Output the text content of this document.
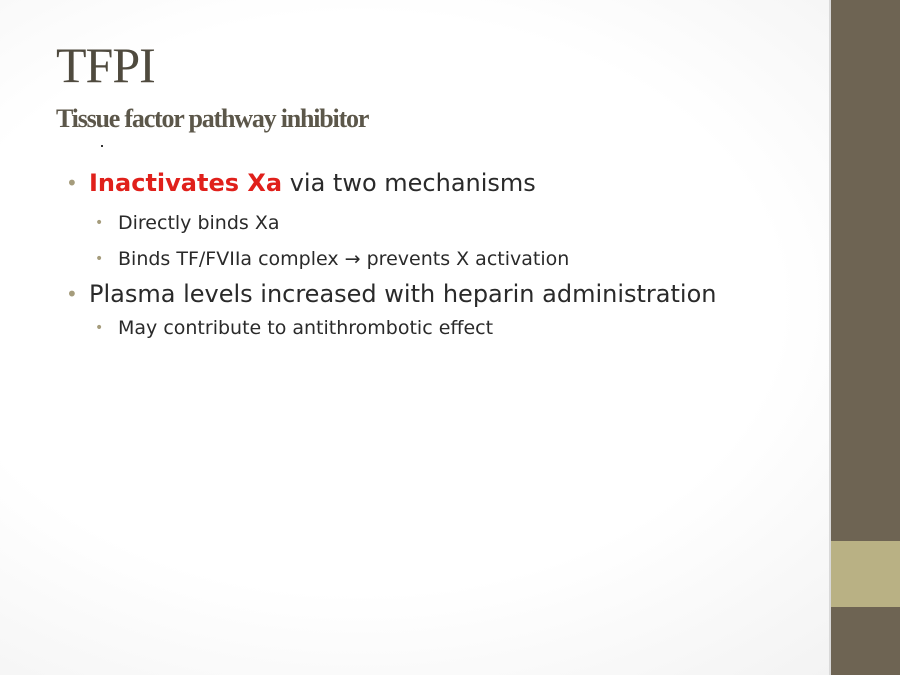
TFPI
Tissue factor pathway inhibitor
• Inactivates Xa via two mechanisms
• Directly binds Xa
• Binds TF/FVIIa complex → prevents X activation
• Plasma levels increased with heparin administration
• May contribute to antithrombotic effect
